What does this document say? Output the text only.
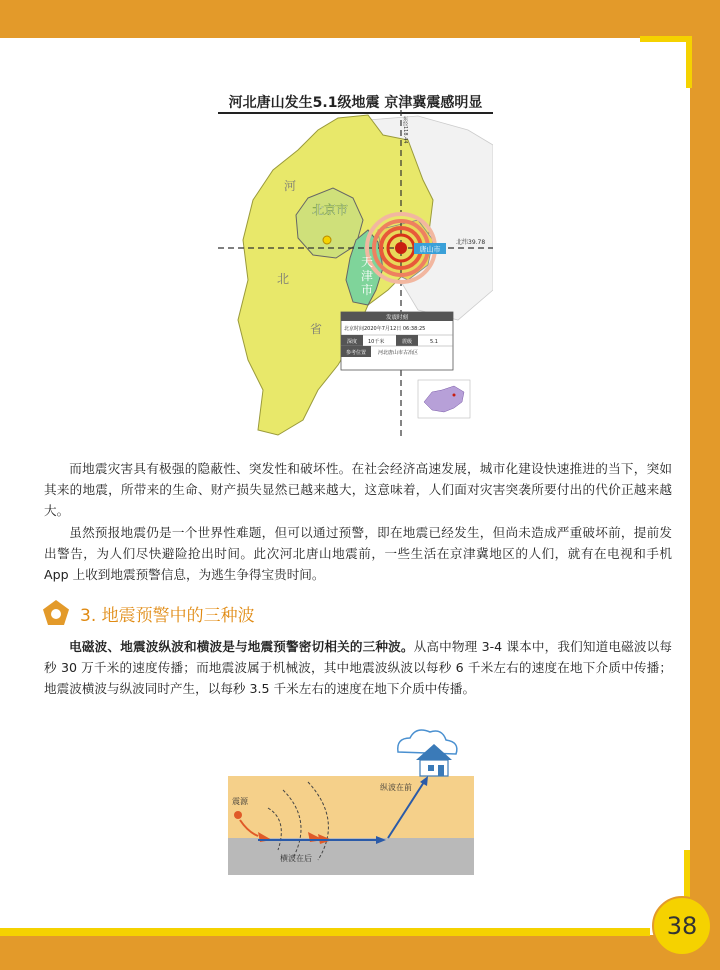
河北唐山发生5.1级地震 京津冀震感明显
唐山市
北纬39.78
东经118.44
北京市
天
津
市
河
北
省
发震时刻
北京时间2020年7月12日 06:38:25
深度 10千米	震级	5.1
参考位置 河北唐山市古冶区

而地震灾害具有极强的隐蔽性、突发性和破坏性。在社会经济高速发展，城市化建设快速推进的当下，突如其来的地震，所带来的生命、财产损失显然已越来越大，这意味着，人们面对灾害突袭所要付出的代价正越来越大。

虽然预报地震仍是一个世界性难题，但可以通过预警，即在地震已经发生，但尚未造成严重破坏前，提前发出警告，为人们尽快避险抢出时间。此次河北唐山地震前，一些生活在京津冀地区的人们，就有在电视和手机 App 上收到地震预警信息，为逃生争得宝贵时间。

3. 地震预警中的三种波

电磁波、地震波纵波和横波是与地震预警密切相关的三种波。从高中物理 3-4 课本中，我们知道电磁波以每秒 30 万千米的速度传播；而地震波属于机械波，其中地震波纵波以每秒 6 千米左右的速度在地下介质中传播；地震波横波与纵波同时产生，以每秒 3.5 千米左右的速度在地下介质中传播。

震源
纵波在前
横波在后
38
